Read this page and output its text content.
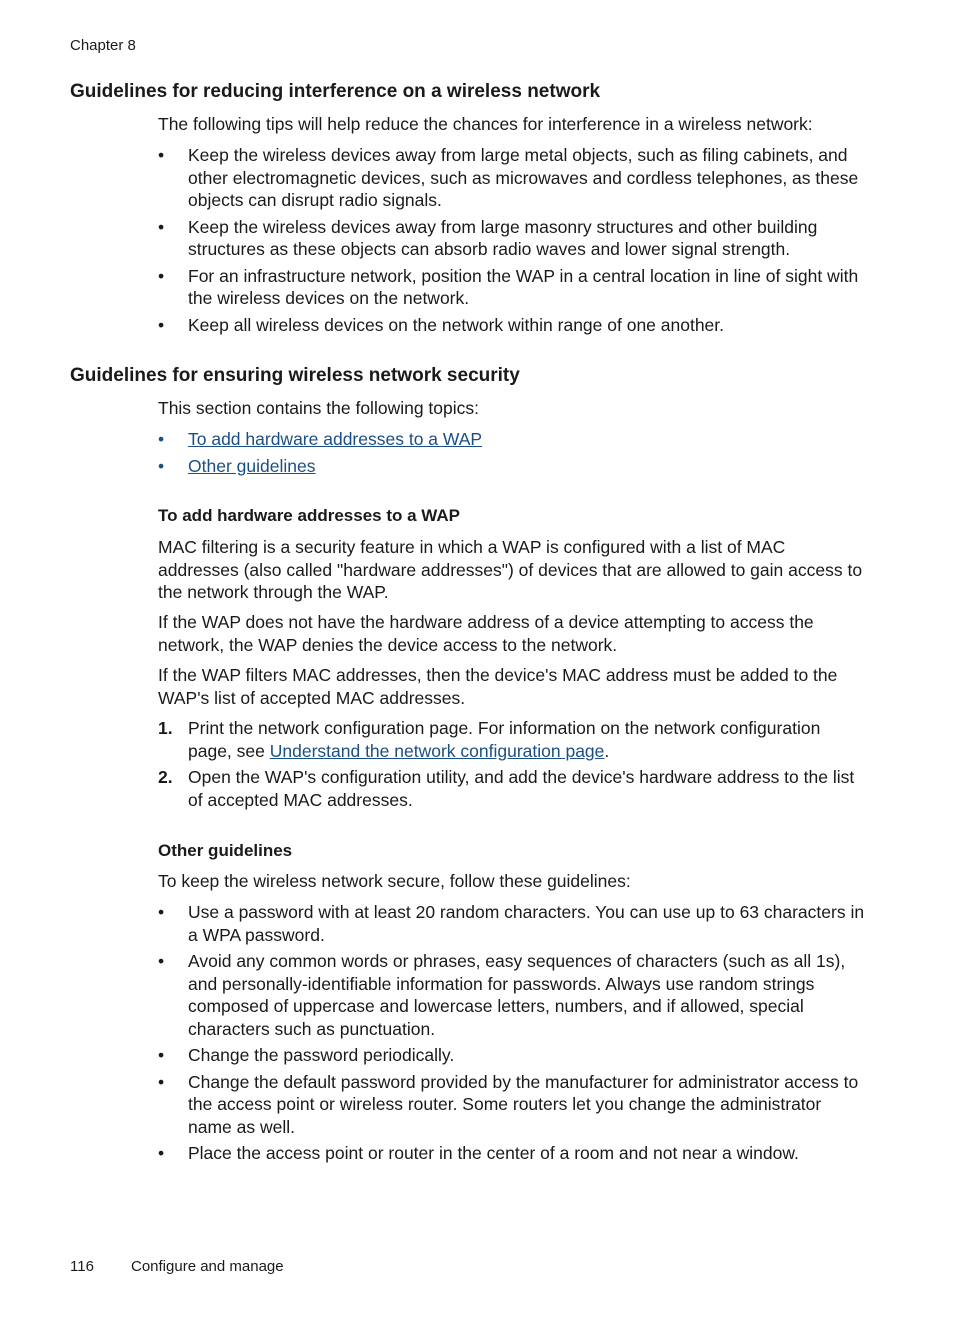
Chapter 8
Guidelines for reducing interference on a wireless network

The following tips will help reduce the chances for interference in a wireless network:

• Keep the wireless devices away from large metal objects, such as filing cabinets, and other electromagnetic devices, such as microwaves and cordless telephones, as these objects can disrupt radio signals.
• Keep the wireless devices away from large masonry structures and other building structures as these objects can absorb radio waves and lower signal strength.
• For an infrastructure network, position the WAP in a central location in line of sight with the wireless devices on the network.
• Keep all wireless devices on the network within range of one another.
Guidelines for ensuring wireless network security

This section contains the following topics:

• To add hardware addresses to a WAP
• Other guidelines
To add hardware addresses to a WAP

MAC filtering is a security feature in which a WAP is configured with a list of MAC addresses (also called "hardware addresses") of devices that are allowed to gain access to the network through the WAP.

If the WAP does not have the hardware address of a device attempting to access the network, the WAP denies the device access to the network.

If the WAP filters MAC addresses, then the device's MAC address must be added to the WAP's list of accepted MAC addresses.

1. Print the network configuration page. For information on the network configuration page, see Understand the network configuration page.
2. Open the WAP's configuration utility, and add the device's hardware address to the list of accepted MAC addresses.
Other guidelines

To keep the wireless network secure, follow these guidelines:

• Use a password with at least 20 random characters. You can use up to 63 characters in a WPA password.
• Avoid any common words or phrases, easy sequences of characters (such as all 1s), and personally-identifiable information for passwords. Always use random strings composed of uppercase and lowercase letters, numbers, and if allowed, special characters such as punctuation.
• Change the password periodically.
• Change the default password provided by the manufacturer for administrator access to the access point or wireless router. Some routers let you change the administrator name as well.
• Place the access point or router in the center of a room and not near a window.
116 Configure and manage
